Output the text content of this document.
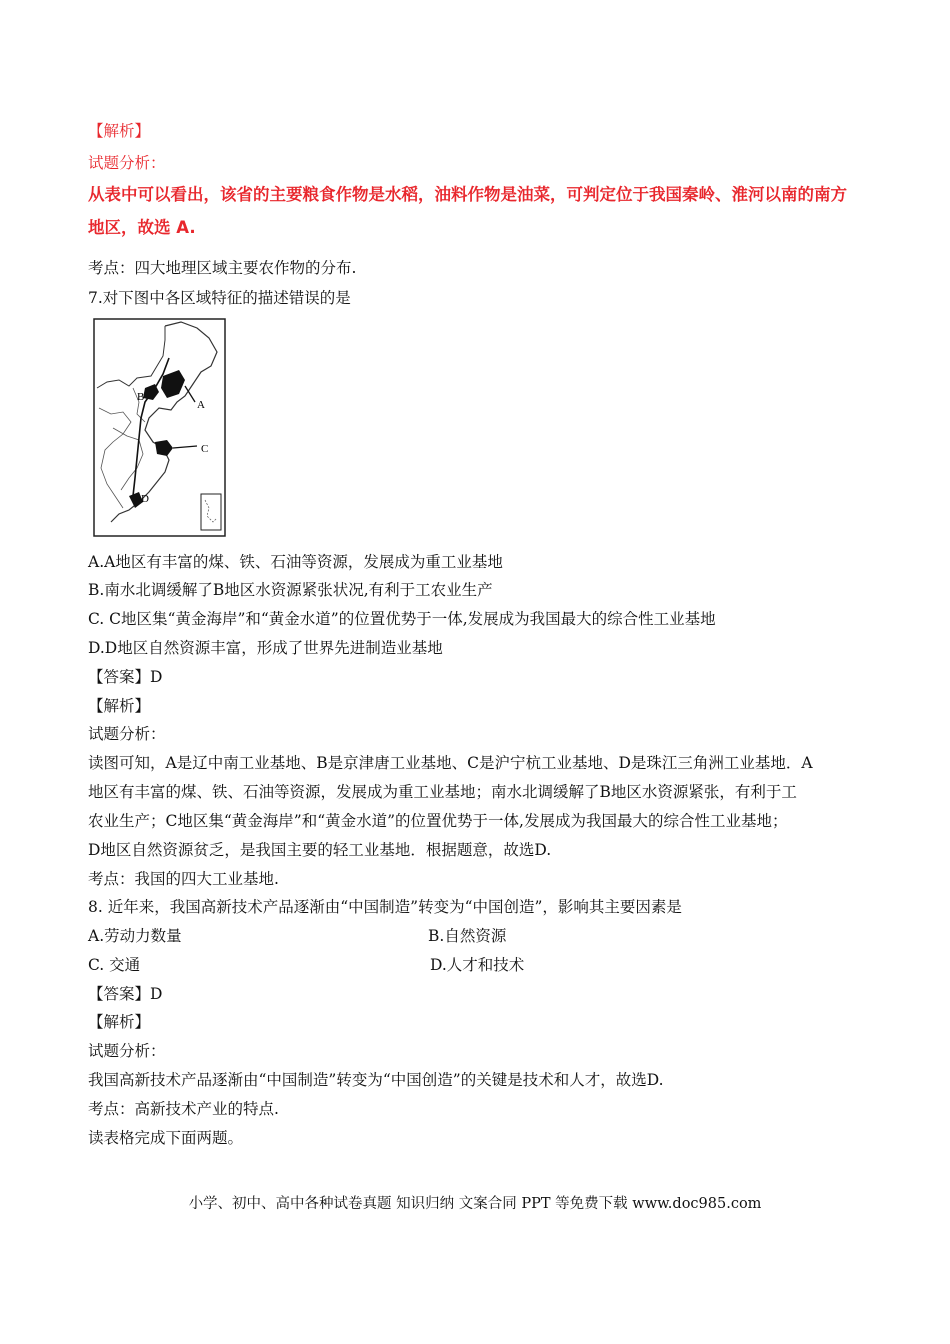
【解析】
试题分析：
从表中可以看出，该省的主要粮食作物是水稻，油料作物是油菜，可判定位于我国秦岭、淮河以南的南方
地区，故选 A.
考点：四大地理区域主要农作物的分布.
7.对下图中各区域特征的描述错误的是
A
B
C
D
A.A地区有丰富的煤、铁、石油等资源，发展成为重工业基地
B.南水北调缓解了B地区水资源紧张状况,有利于工农业生产
C. C地区集“黄金海岸”和“黄金水道”的位置优势于一体,发展成为我国最大的综合性工业基地
D.D地区自然资源丰富，形成了世界先进制造业基地
【答案】D
【解析】
试题分析：
读图可知，A是辽中南工业基地、B是京津唐工业基地、C是沪宁杭工业基地、D是珠江三角洲工业基地．A
地区有丰富的煤、铁、石油等资源，发展成为重工业基地；南水北调缓解了B地区水资源紧张，有利于工
农业生产；C地区集“黄金海岸”和“黄金水道”的位置优势于一体,发展成为我国最大的综合性工业基地；
D地区自然资源贫乏，是我国主要的轻工业基地．根据题意，故选D.
考点：我国的四大工业基地.
8. 近年来，我国高新技术产品逐渐由“中国制造”转变为“中国创造”，影响其主要因素是
A.劳动力数量	B.自然资源
C. 交通	D.人才和技术
【答案】D
【解析】
试题分析：
我国高新技术产品逐渐由“中国制造”转变为“中国创造”的关键是技术和人才，故选D.
考点：高新技术产业的特点.
读表格完成下面两题。
小学、初中、高中各种试卷真题 知识归纳 文案合同 PPT 等免费下载 www.doc985.com
